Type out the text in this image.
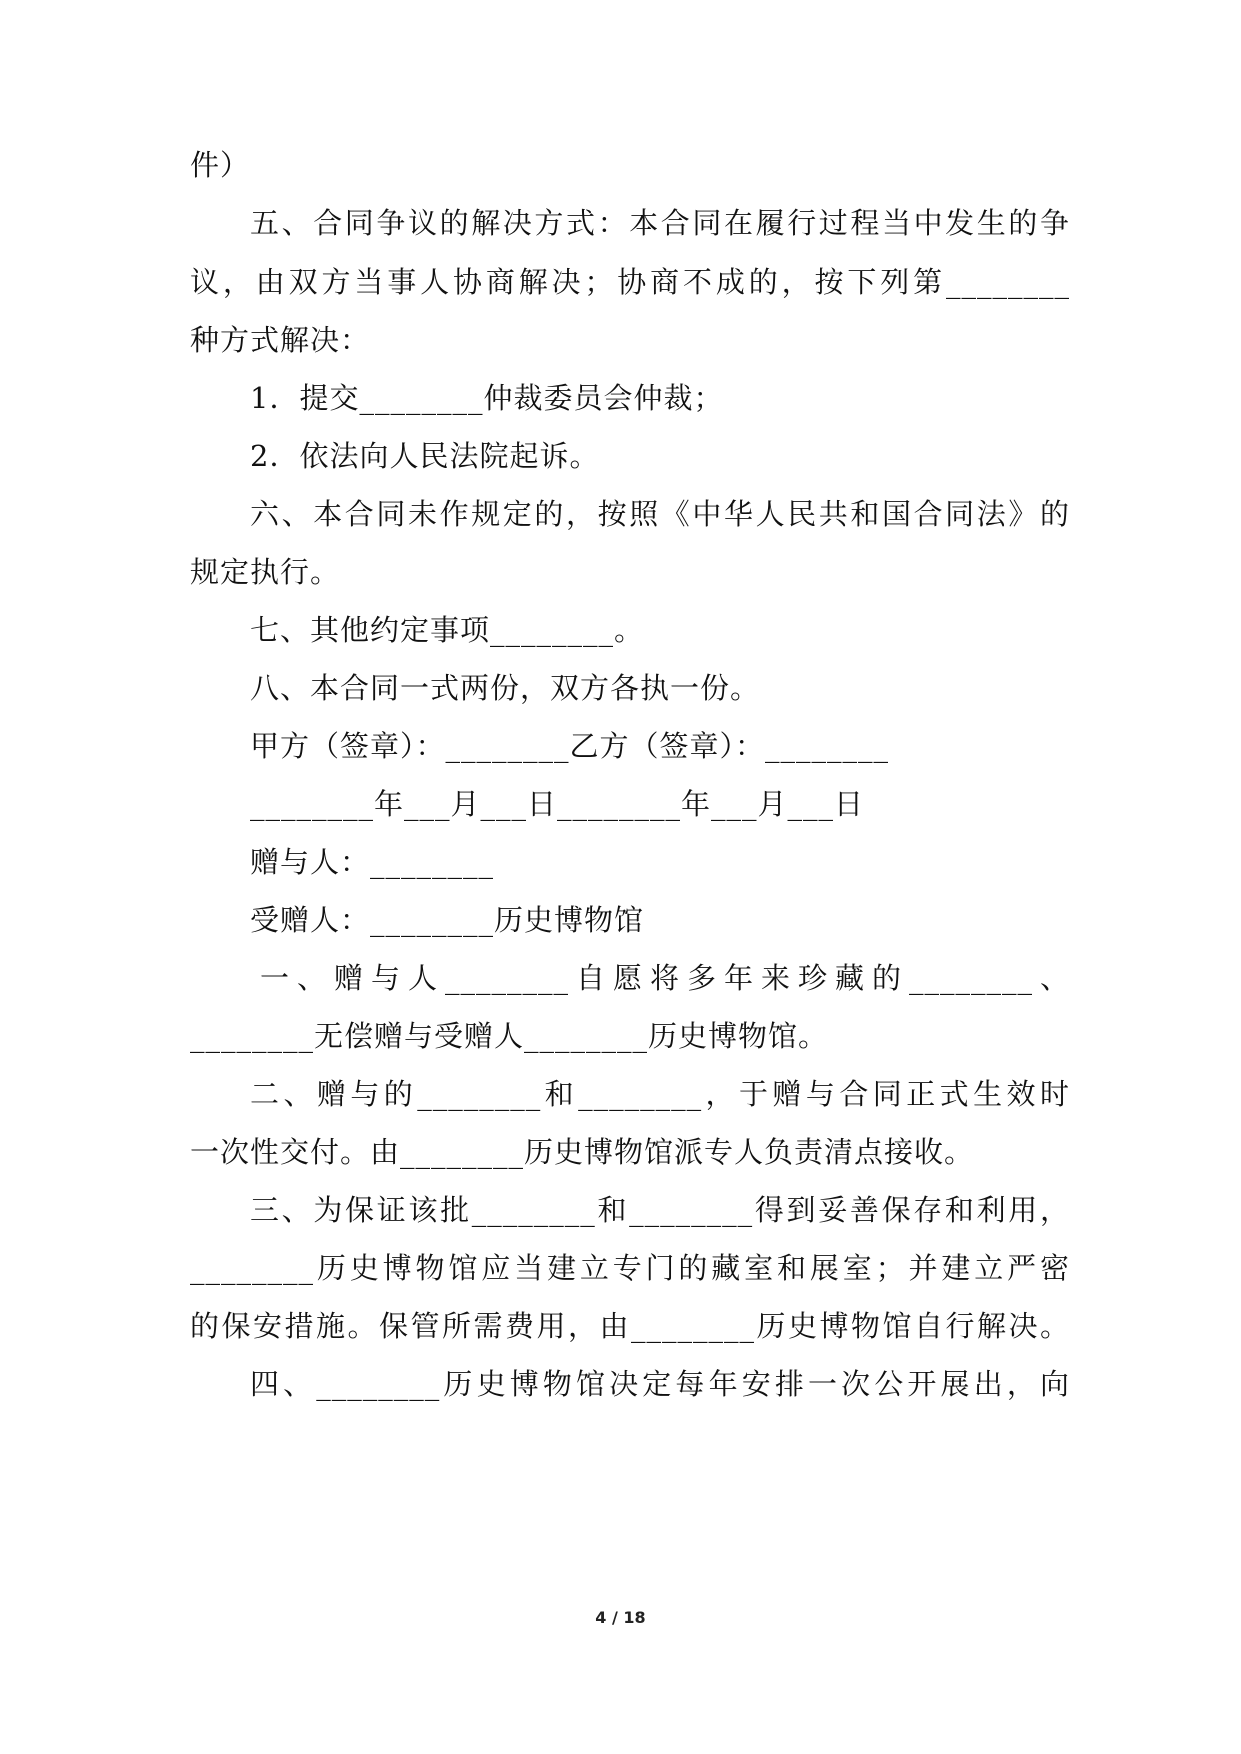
件）
五、合同争议的解决方式：本合同在履行过程当中发生的争
议，由双方当事人协商解决；协商不成的，按下列第________
种方式解决：
1．提交________仲裁委员会仲裁；
2．依法向人民法院起诉。
六、本合同未作规定的，按照《中华人民共和国合同法》的
规定执行。
七、其他约定事项________。
八、本合同一式两份，双方各执一份。
甲方（签章）：________乙方（签章）：________
________年___月___日________年___月___日
赠与人：________
受赠人：________历史博物馆
一、赠与人________自愿将多年来珍藏的________、
________无偿赠与受赠人________历史博物馆。
二、赠与的________和________，于赠与合同正式生效时
一次性交付。由________历史博物馆派专人负责清点接收。
三、为保证该批________和________得到妥善保存和利用，
________历史博物馆应当建立专门的藏室和展室；并建立严密
的保安措施。保管所需费用，由________历史博物馆自行解决。
四、________历史博物馆决定每年安排一次公开展出，向
4 / 18
